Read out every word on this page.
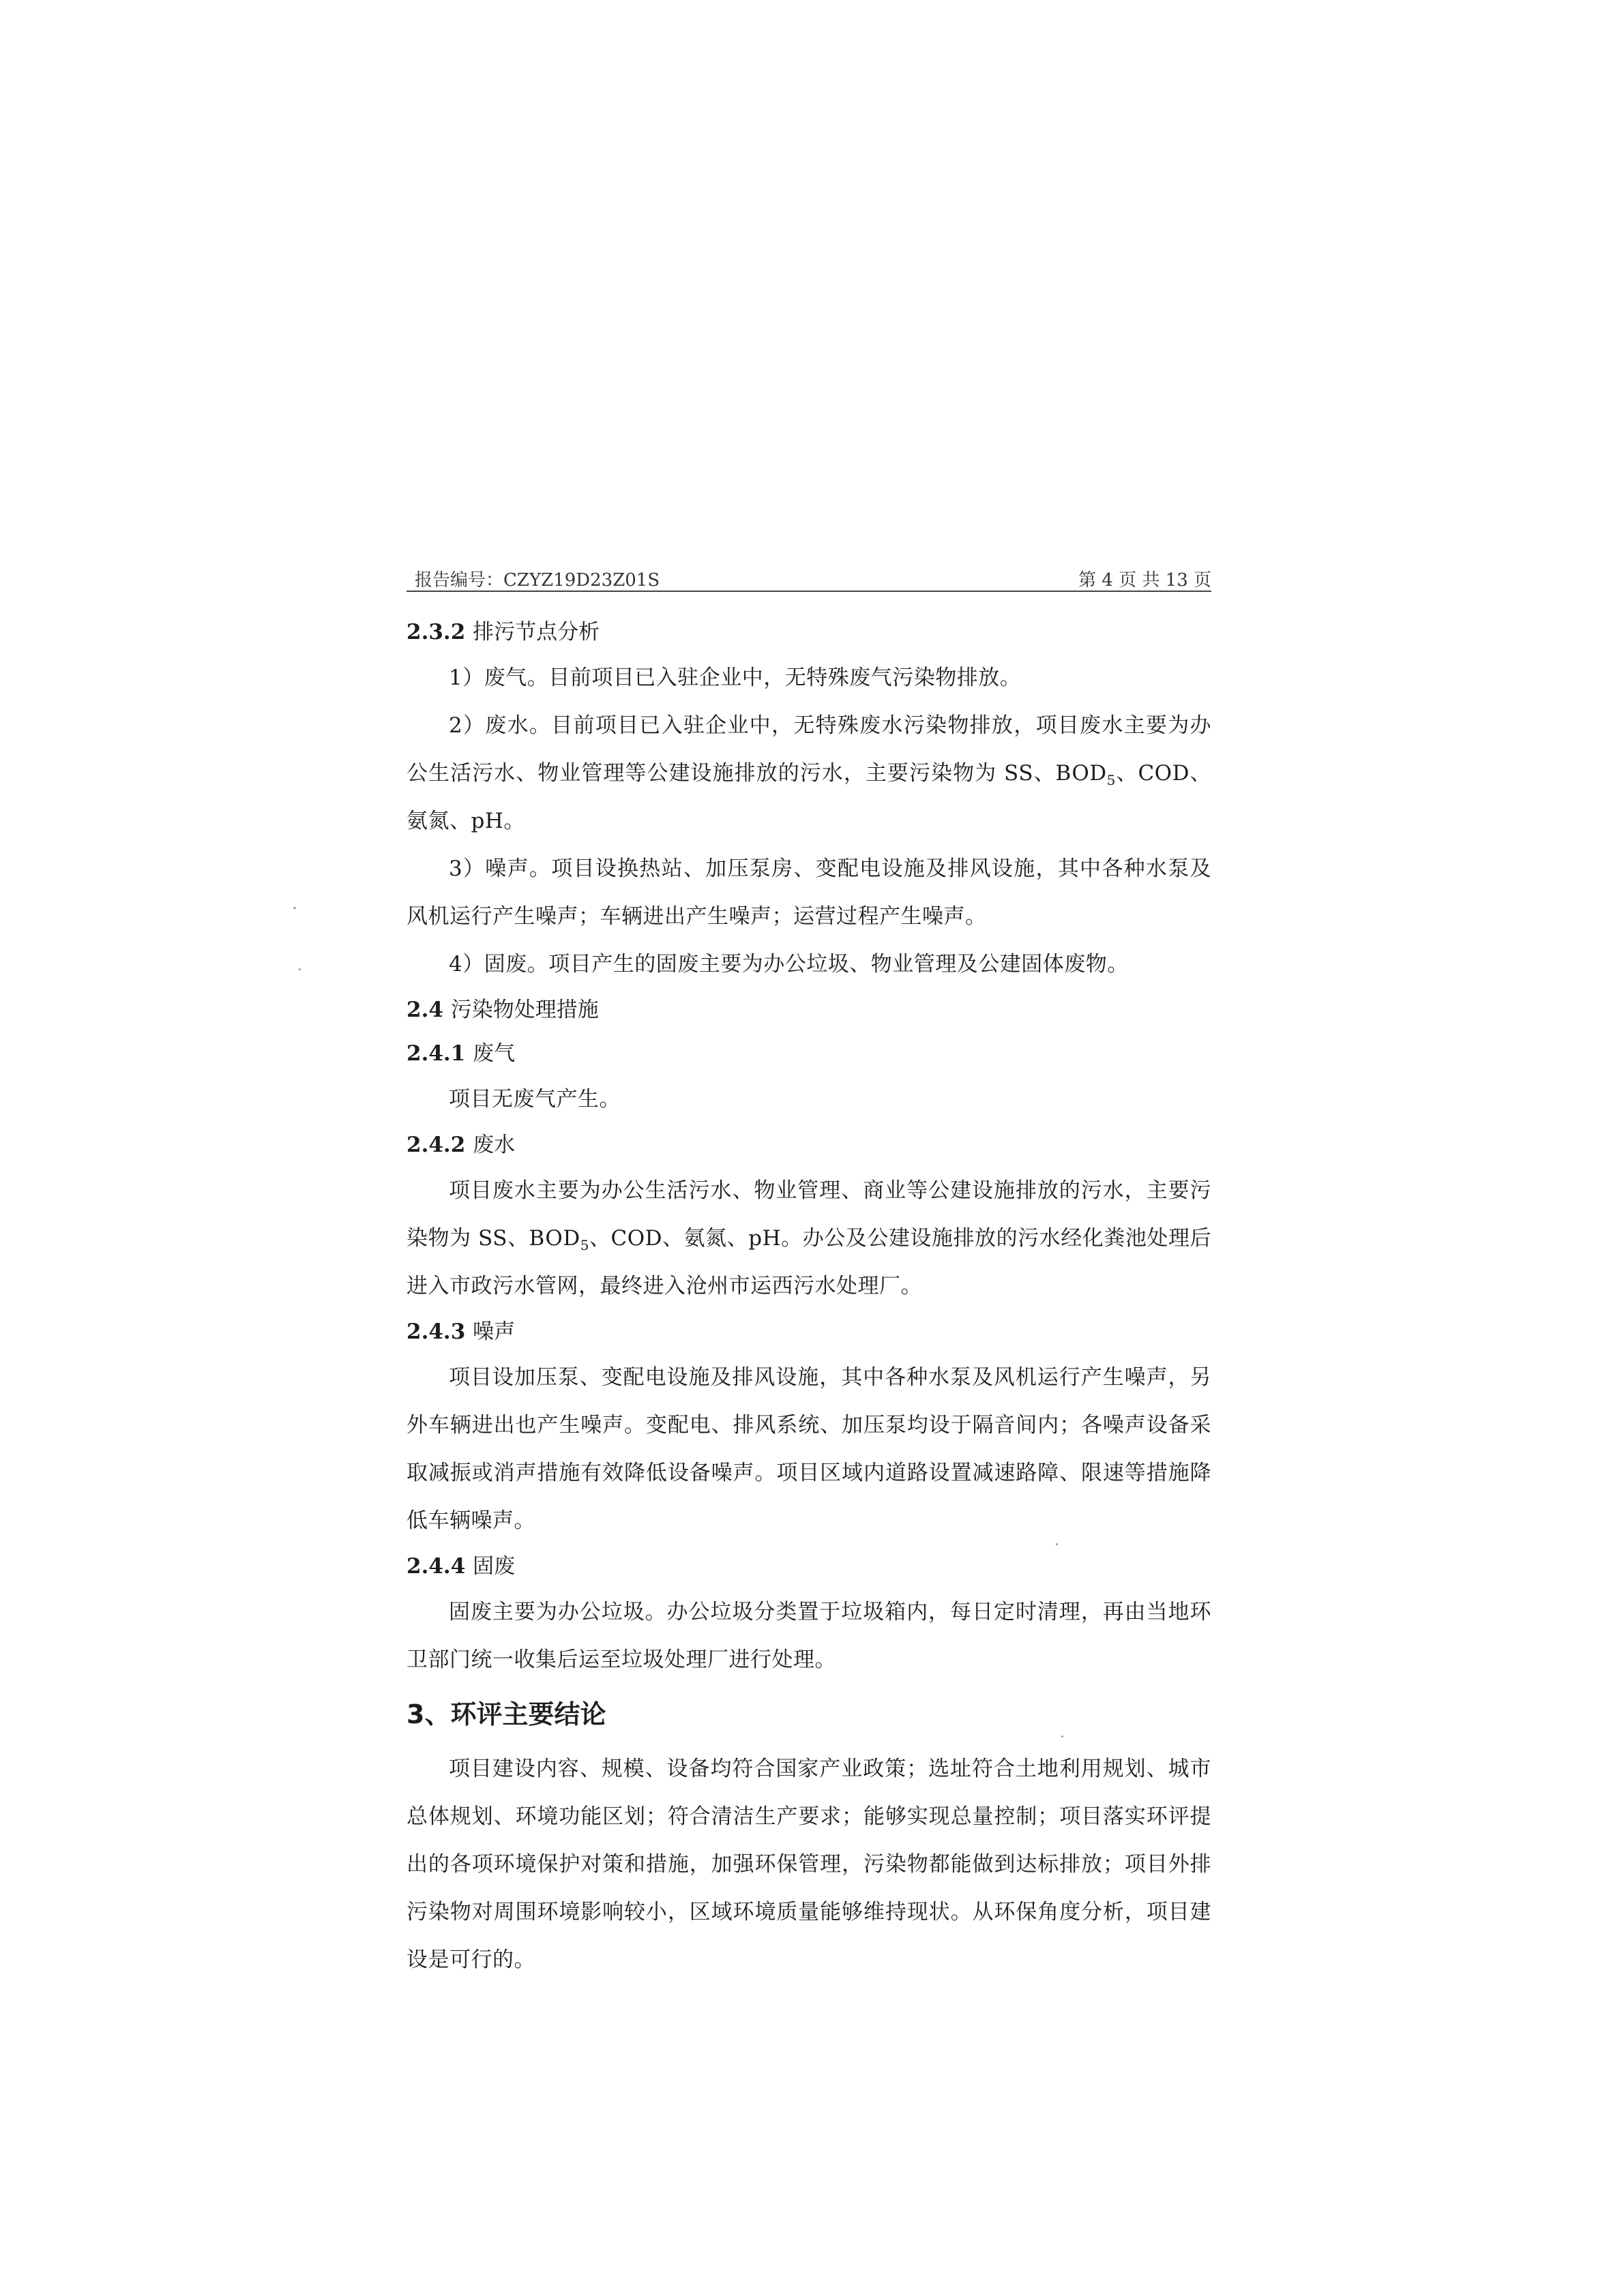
报告编号：CZYZ19D23Z01S	第 4 页 共 13 页

2.3.2 排污节点分析

1）废气。目前项目已入驻企业中，无特殊废气污染物排放。

2）废水。目前项目已入驻企业中，无特殊废水污染物排放，项目废水主要为办公生活污水、物业管理等公建设施排放的污水，主要污染物为 SS、$BOD_5$、COD、氨氮、pH。

3）噪声。项目设换热站、加压泵房、变配电设施及排风设施，其中各种水泵及风机运行产生噪声；车辆进出产生噪声；运营过程产生噪声。

4）固废。项目产生的固废主要为办公垃圾、物业管理及公建固体废物。

2.4 污染物处理措施

2.4.1 废气

项目无废气产生。

2.4.2 废水

项目废水主要为办公生活污水、物业管理、商业等公建设施排放的污水，主要污染物为 SS、$BOD_5$、COD、氨氮、pH。办公及公建设施排放的污水经化粪池处理后进入市政污水管网，最终进入沧州市运西污水处理厂。

2.4.3 噪声

项目设加压泵、变配电设施及排风设施，其中各种水泵及风机运行产生噪声，另外车辆进出也产生噪声。变配电、排风系统、加压泵均设于隔音间内；各噪声设备采取减振或消声措施有效降低设备噪声。项目区域内道路设置减速路障、限速等措施降低车辆噪声。

2.4.4 固废

固废主要为办公垃圾。办公垃圾分类置于垃圾箱内，每日定时清理，再由当地环卫部门统一收集后运至垃圾处理厂进行处理。

3、环评主要结论

项目建设内容、规模、设备均符合国家产业政策；选址符合土地利用规划、城市总体规划、环境功能区划；符合清洁生产要求；能够实现总量控制；项目落实环评提出的各项环境保护对策和措施，加强环保管理，污染物都能做到达标排放；项目外排污染物对周围环境影响较小，区域环境质量能够维持现状。从环保角度分析，项目建设是可行的。
